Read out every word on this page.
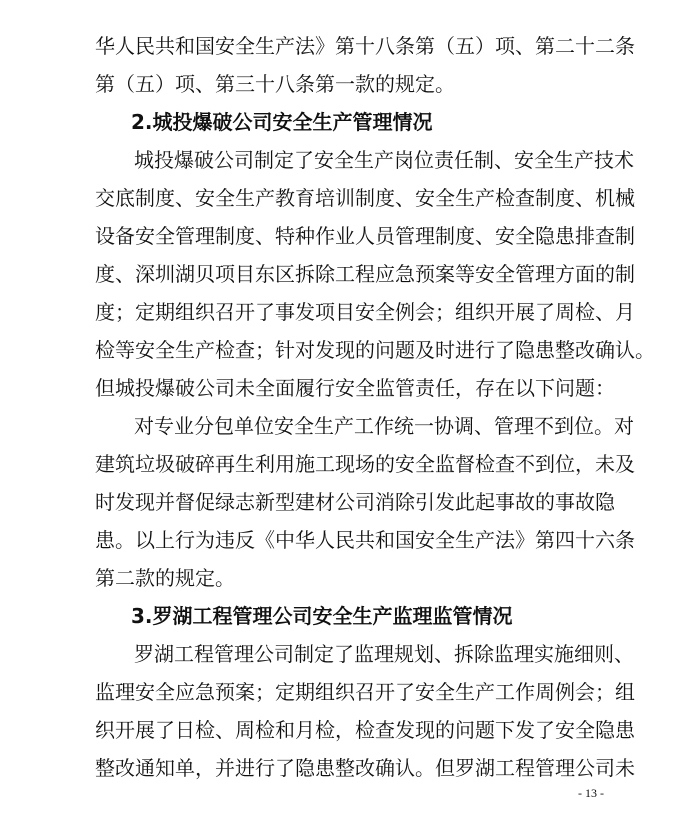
华人民共和国安全生产法》第十八条第（五）项、第二十二条
第（五）项、第三十八条第一款的规定。
2.城投爆破公司安全生产管理情况
城投爆破公司制定了安全生产岗位责任制、安全生产技术
交底制度、安全生产教育培训制度、安全生产检查制度、机械
设备安全管理制度、特种作业人员管理制度、安全隐患排查制
度、深圳湖贝项目东区拆除工程应急预案等安全管理方面的制
度；定期组织召开了事发项目安全例会；组织开展了周检、月
检等安全生产检查；针对发现的问题及时进行了隐患整改确认。
但城投爆破公司未全面履行安全监管责任，存在以下问题：
对专业分包单位安全生产工作统一协调、管理不到位。对
建筑垃圾破碎再生利用施工现场的安全监督检查不到位，未及
时发现并督促绿志新型建材公司消除引发此起事故的事故隐
患。以上行为违反《中华人民共和国安全生产法》第四十六条
第二款的规定。
3.罗湖工程管理公司安全生产监理监管情况
罗湖工程管理公司制定了监理规划、拆除监理实施细则、
监理安全应急预案；定期组织召开了安全生产工作周例会；组
织开展了日检、周检和月检，检查发现的问题下发了安全隐患
整改通知单，并进行了隐患整改确认。但罗湖工程管理公司未
- 13 -
